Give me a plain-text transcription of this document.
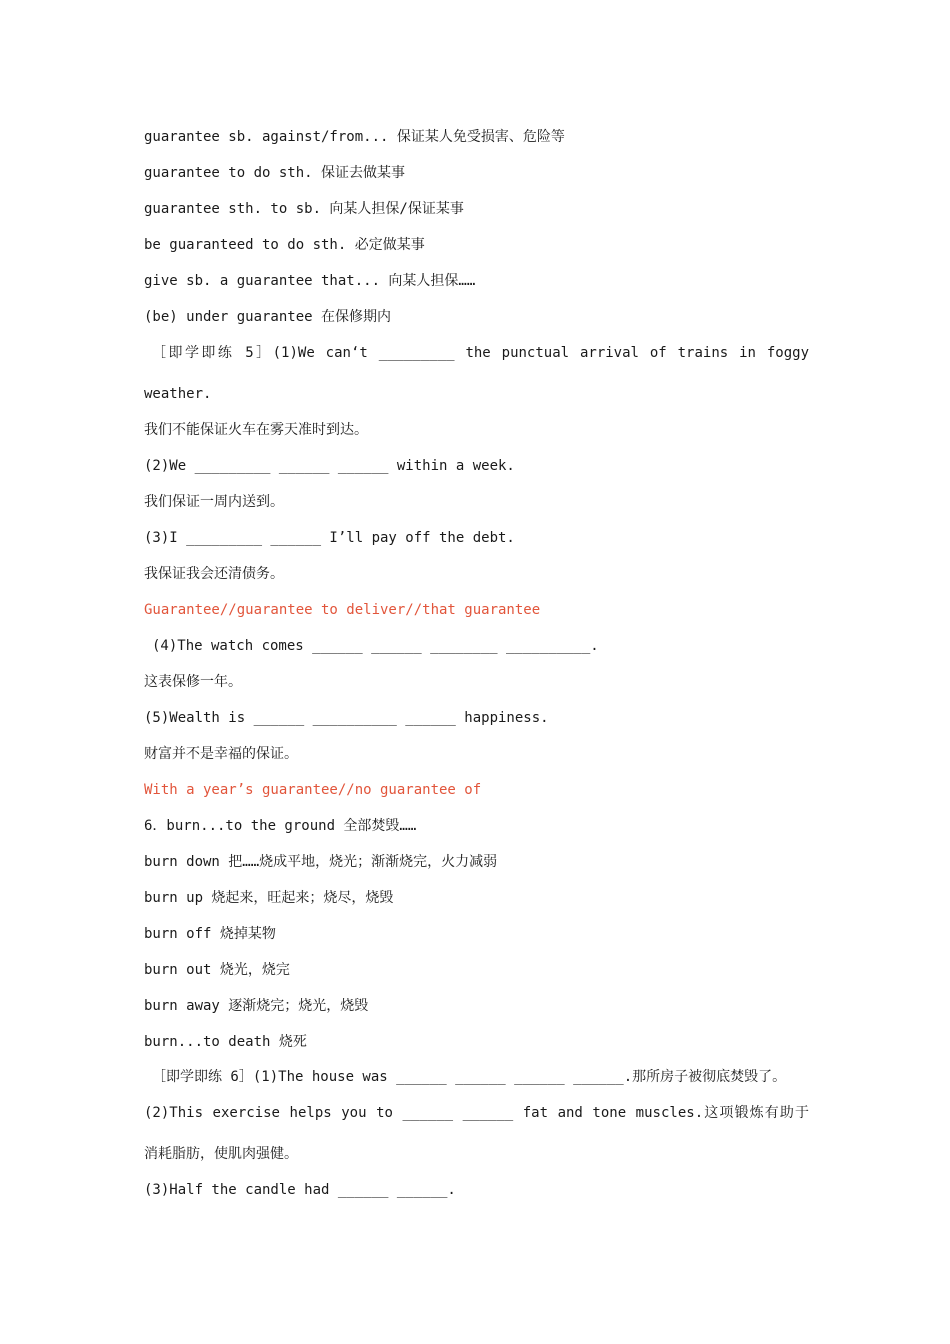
guarantee sb. against/from... 保证某人免受损害、危险等
guarantee to do sth. 保证去做某事
guarantee sth. to sb. 向某人担保/保证某事
be guaranteed to do sth. 必定做某事
give sb. a guarantee that... 向某人担保……
(be) under guarantee 在保修期内
［即学即练 5］(1)We can‘t _________ the punctual arrival of trains in foggy
weather.
我们不能保证火车在雾天准时到达。
(2)We _________ ______ ______ within a week.
我们保证一周内送到。
(3)I _________ ______ I’ll pay off the debt.
我保证我会还清债务。
Guarantee//guarantee to deliver//that guarantee
(4)The watch comes ______ ______ ________ __________.
这表保修一年。
(5)Wealth is ______ __________ ______ happiness.
财富并不是幸福的保证。
With a year’s guarantee//no guarantee of
6．burn...to the ground 全部焚毁……
burn down 把……烧成平地，烧光；渐渐烧完，火力减弱
burn up 烧起来，旺起来；烧尽，烧毁
burn off 烧掉某物
burn out 烧光，烧完
burn away 逐渐烧完；烧光，烧毁
burn...to death 烧死
［即学即练 6］(1)The house was ______ ______ ______ ______.那所房子被彻底焚毁了。
(2)This exercise helps you to ______ ______ fat and tone muscles.这项锻炼有助于
消耗脂肪，使肌肉强健。
(3)Half the candle had ______ ______.
